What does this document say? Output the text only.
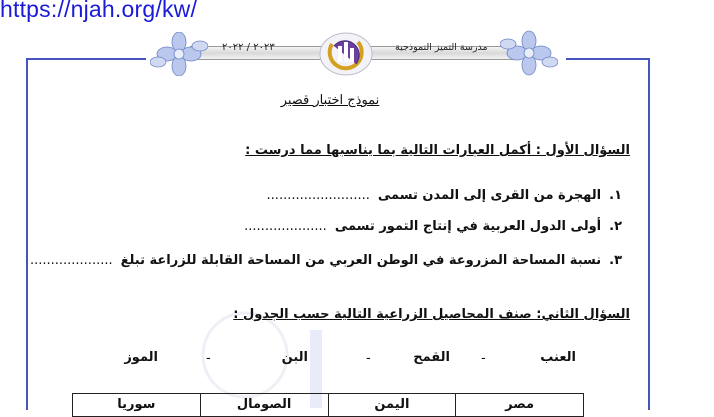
https://njah.org/kw/
٢٠٢٣ / ٢٠٢٢	مدرسة التميز النموذجية
نموذج اختبار قصير
السؤال الأول : أكمل العبارات التالية بما يناسبها مما درست :
١.الهجرة من القرى إلى المدن تسمى.........................
٢.أولى الدول العربية في إنتاج التمور تسمى....................
٣.نسبة المساحة المزروعة في الوطن العربي من المساحة القابلة للزراعة تبلغ....................
السؤال الثاني: صنف المحاصيل الزراعية التالية حسب الجدول :
العنب
-
القمح
-
البن
-
الموز
مصر
اليمن
الصومال
سوريا
